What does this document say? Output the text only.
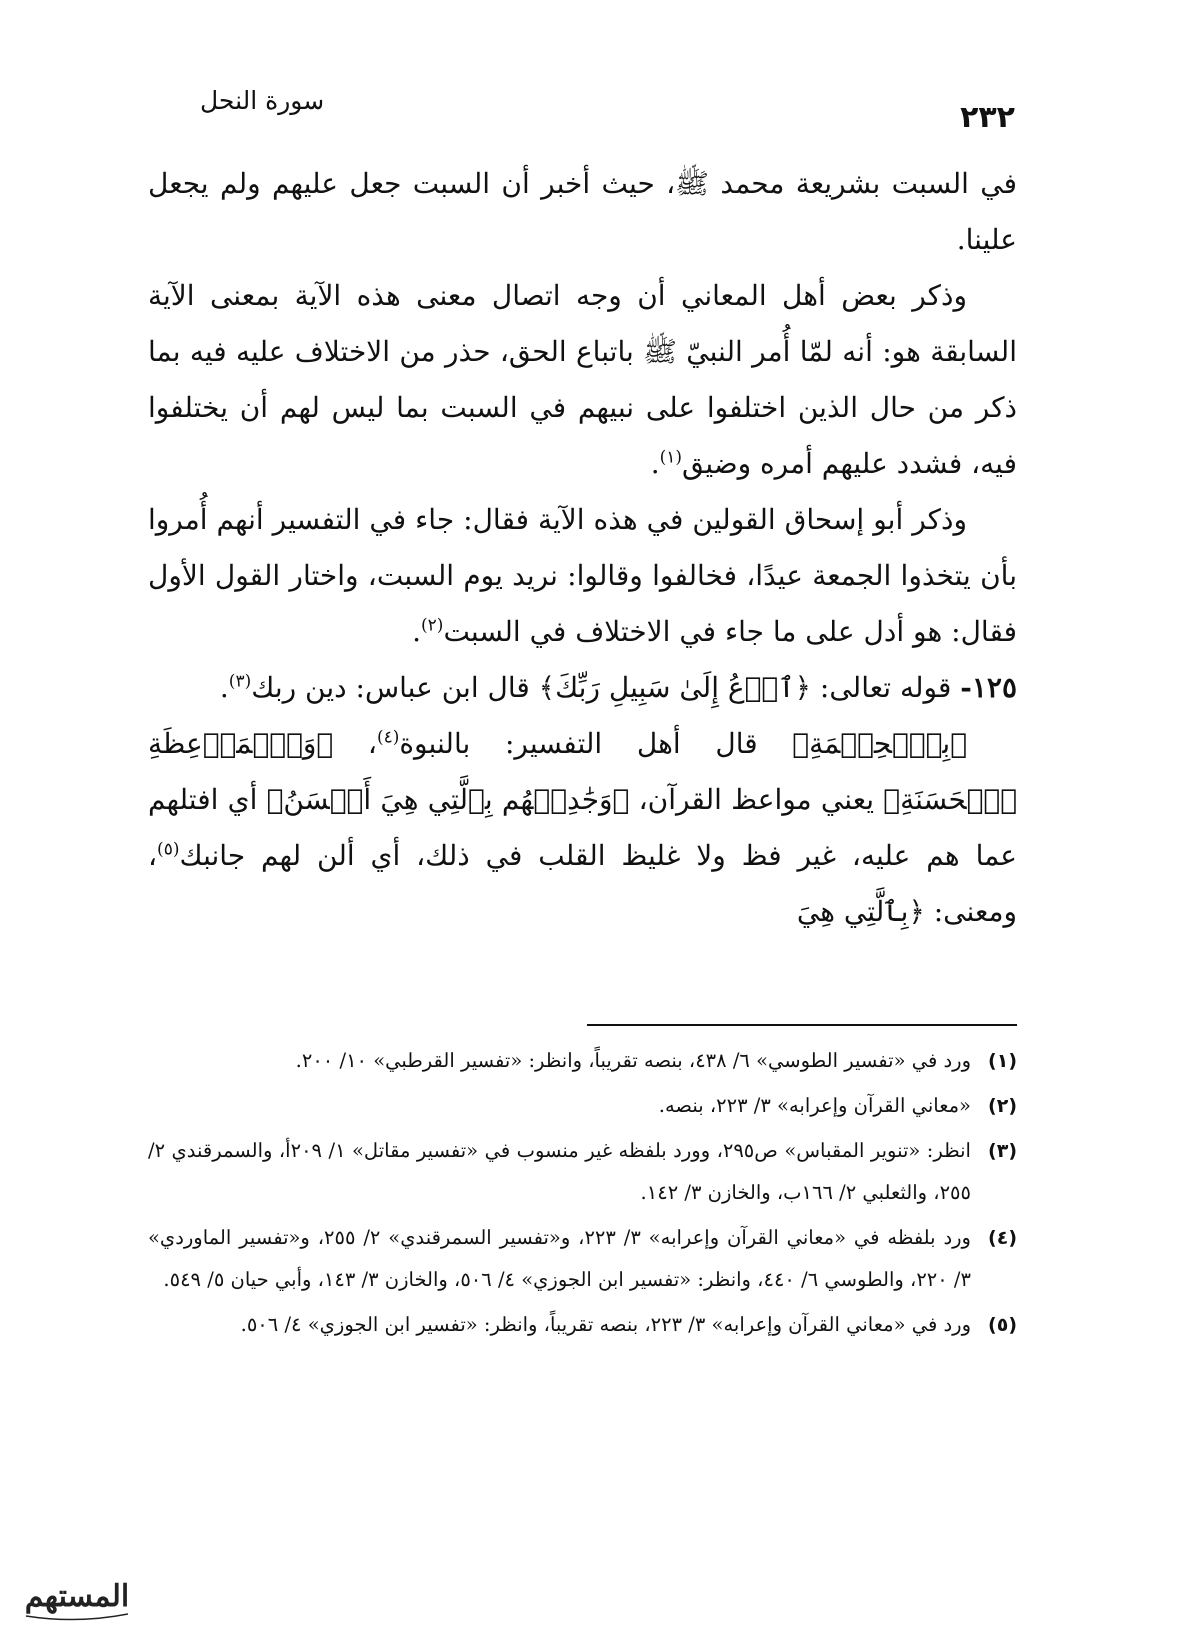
٢٣٢
سورة النحل

في السبت بشريعة محمد ﷺ، حيث أخبر أن السبت جعل عليهم ولم يجعل علينا.

وذكر بعض أهل المعاني أن وجه اتصال معنى هذه الآية بمعنى الآية السابقة هو: أنه لمّا أُمر النبيّ ﷺ باتباع الحق، حذر من الاختلاف عليه فيه بما ذكر من حال الذين اختلفوا على نبيهم في السبت بما ليس لهم أن يختلفوا فيه، فشدد عليهم أمره وضيق$^{(١)}$.

وذكر أبو إسحاق القولين في هذه الآية فقال: جاء في التفسير أنهم أُمروا بأن يتخذوا الجمعة عيدًا، فخالفوا وقالوا: نريد يوم السبت، واختار القول الأول فقال: هو أدل على ما جاء في الاختلاف في السبت$^{(٢)}$.

١٢٥- قوله تعالى: ﴿ٱدۡعُ إِلَىٰ سَبِيلِ رَبِّكَ﴾ قال ابن عباس: دين ربك$^{(٣)}$.

﴿بِٱلۡحِكۡمَةِ﴾ قال أهل التفسير: بالنبوة$^{(٤)}$، ﴿وَٱلۡمَوۡعِظَةِ ٱلۡحَسَنَةِ﴾ يعني مواعظ القرآن، ﴿وَجَٰدِلۡهُم بِٱلَّتِي هِيَ أَحۡسَنُ﴾ أي افتلهم عما هم عليه، غير فظ ولا غليظ القلب في ذلك، أي ألن لهم جانبك$^{(٥)}$، ومعنى: ﴿بِٱلَّتِي هِيَ

(١)
ورد في «تفسير الطوسي» ٦/ ٤٣٨، بنصه تقريباً، وانظر: «تفسير القرطبي» ١٠/ ٢٠٠.
(٢)
«معاني القرآن وإعرابه» ٣/ ٢٢٣، بنصه.
(٣)
انظر: «تنوير المقباس» ص٢٩٥، وورد بلفظه غير منسوب في «تفسير مقاتل» ١/ ٢٠٩أ، والسمرقندي ٢/ ٢٥٥، والثعلبي ٢/ ١٦٦ب، والخازن ٣/ ١٤٢.
(٤)
ورد بلفظه في «معاني القرآن وإعرابه» ٣/ ٢٢٣، و«تفسير السمرقندي» ٢/ ٢٥٥، و«تفسير الماوردي» ٣/ ٢٢٠، والطوسي ٦/ ٤٤٠، وانظر: «تفسير ابن الجوزي» ٤/ ٥٠٦، والخازن ٣/ ١٤٣، وأبي حيان ٥/ ٥٤٩.
(٥)
ورد في «معاني القرآن وإعرابه» ٣/ ٢٢٣، بنصه تقريباً، وانظر: «تفسير ابن الجوزي» ٤/ ٥٠٦.
المستهم
